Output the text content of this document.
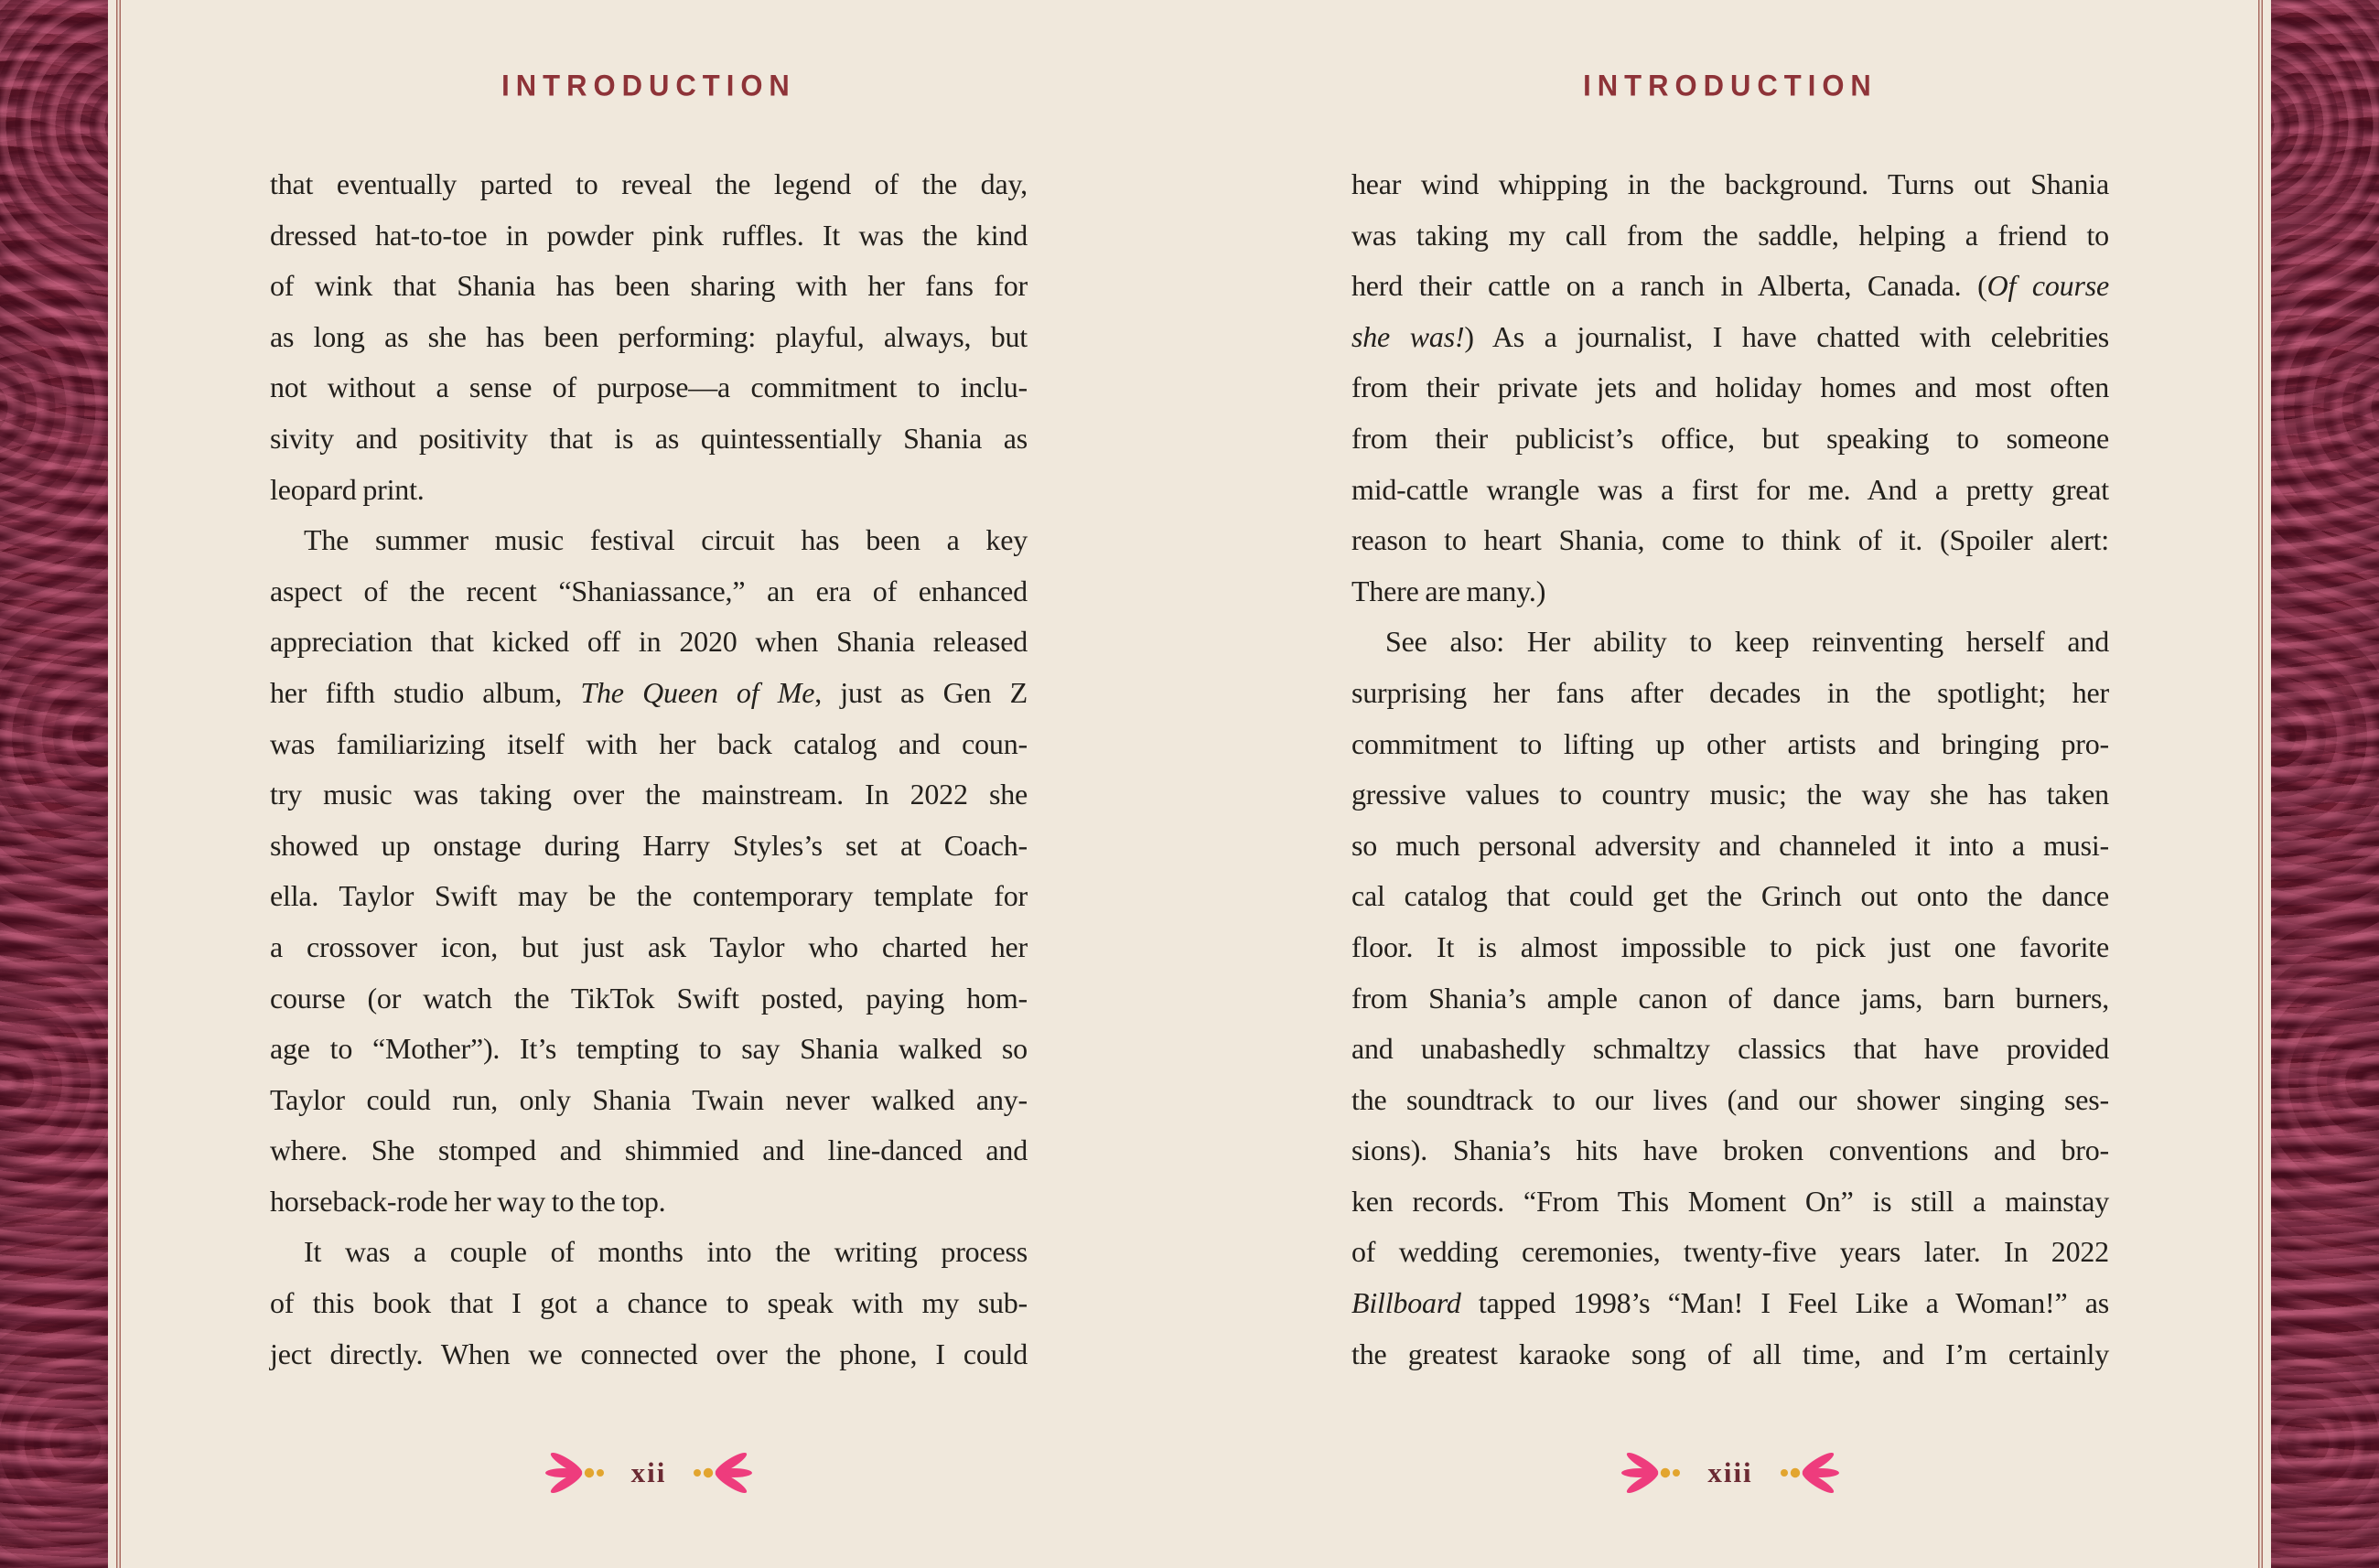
INTRODUCTION
that eventually parted to reveal the legend of the day,
dressed hat-to-toe in powder pink ruffles. It was the kind
of wink that Shania has been sharing with her fans for
as long as she has been performing: playful, always, but
not without a sense of purpose—a commitment to inclu-
sivity and positivity that is as quintessentially Shania as
leopard print.
The summer music festival circuit has been a key
aspect of the recent “Shaniassance,” an era of enhanced
appreciation that kicked off in 2020 when Shania released
her fifth studio album, The Queen of Me, just as Gen Z
was familiarizing itself with her back catalog and coun-
try music was taking over the mainstream. In 2022 she
showed up onstage during Harry Styles’s set at Coach-
ella. Taylor Swift may be the contemporary template for
a crossover icon, but just ask Taylor who charted her
course (or watch the TikTok Swift posted, paying hom-
age to “Mother”). It’s tempting to say Shania walked so
Taylor could run, only Shania Twain never walked any-
where. She stomped and shimmied and line-danced and
horseback-rode her way to the top.
It was a couple of months into the writing process
of this book that I got a chance to speak with my sub-
ject directly. When we connected over the phone, I could
xii
INTRODUCTION
hear wind whipping in the background. Turns out Shania
was taking my call from the saddle, helping a friend to
herd their cattle on a ranch in Alberta, Canada. (Of course
she was!) As a journalist, I have chatted with celebrities
from their private jets and holiday homes and most often
from their publicist’s office, but speaking to someone
mid-cattle wrangle was a first for me. And a pretty great
reason to heart Shania, come to think of it. (Spoiler alert:
There are many.)
See also: Her ability to keep reinventing herself and
surprising her fans after decades in the spotlight; her
commitment to lifting up other artists and bringing pro-
gressive values to country music; the way she has taken
so much personal adversity and channeled it into a musi-
cal catalog that could get the Grinch out onto the dance
floor. It is almost impossible to pick just one favorite
from Shania’s ample canon of dance jams, barn burners,
and unabashedly schmaltzy classics that have provided
the soundtrack to our lives (and our shower singing ses-
sions). Shania’s hits have broken conventions and bro-
ken records. “From This Moment On” is still a mainstay
of wedding ceremonies, twenty-five years later. In 2022
Billboard tapped 1998’s “Man! I Feel Like a Woman!” as
the greatest karaoke song of all time, and I’m certainly
xiii
